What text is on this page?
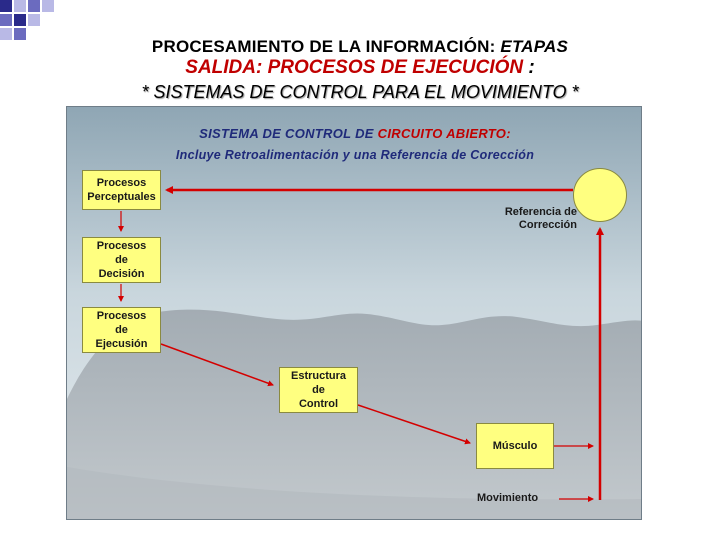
PROCESAMIENTO DE LA INFORMACIÓN: ETAPAS
SALIDA: PROCESOS DE EJECUCIÓN :
* SISTEMAS DE CONTROL PARA EL MOVIMIENTO *
SISTEMA DE CONTROL DE CIRCUITO ABIERTO:
Incluye Retroalimentación y una Referencia de Corección
Procesos
Perceptuales
Procesos
de
Decisión
Procesos
de
Ejecusión
Estructura
de
Control
Músculo
Referencia de
Corrección
Movimiento
